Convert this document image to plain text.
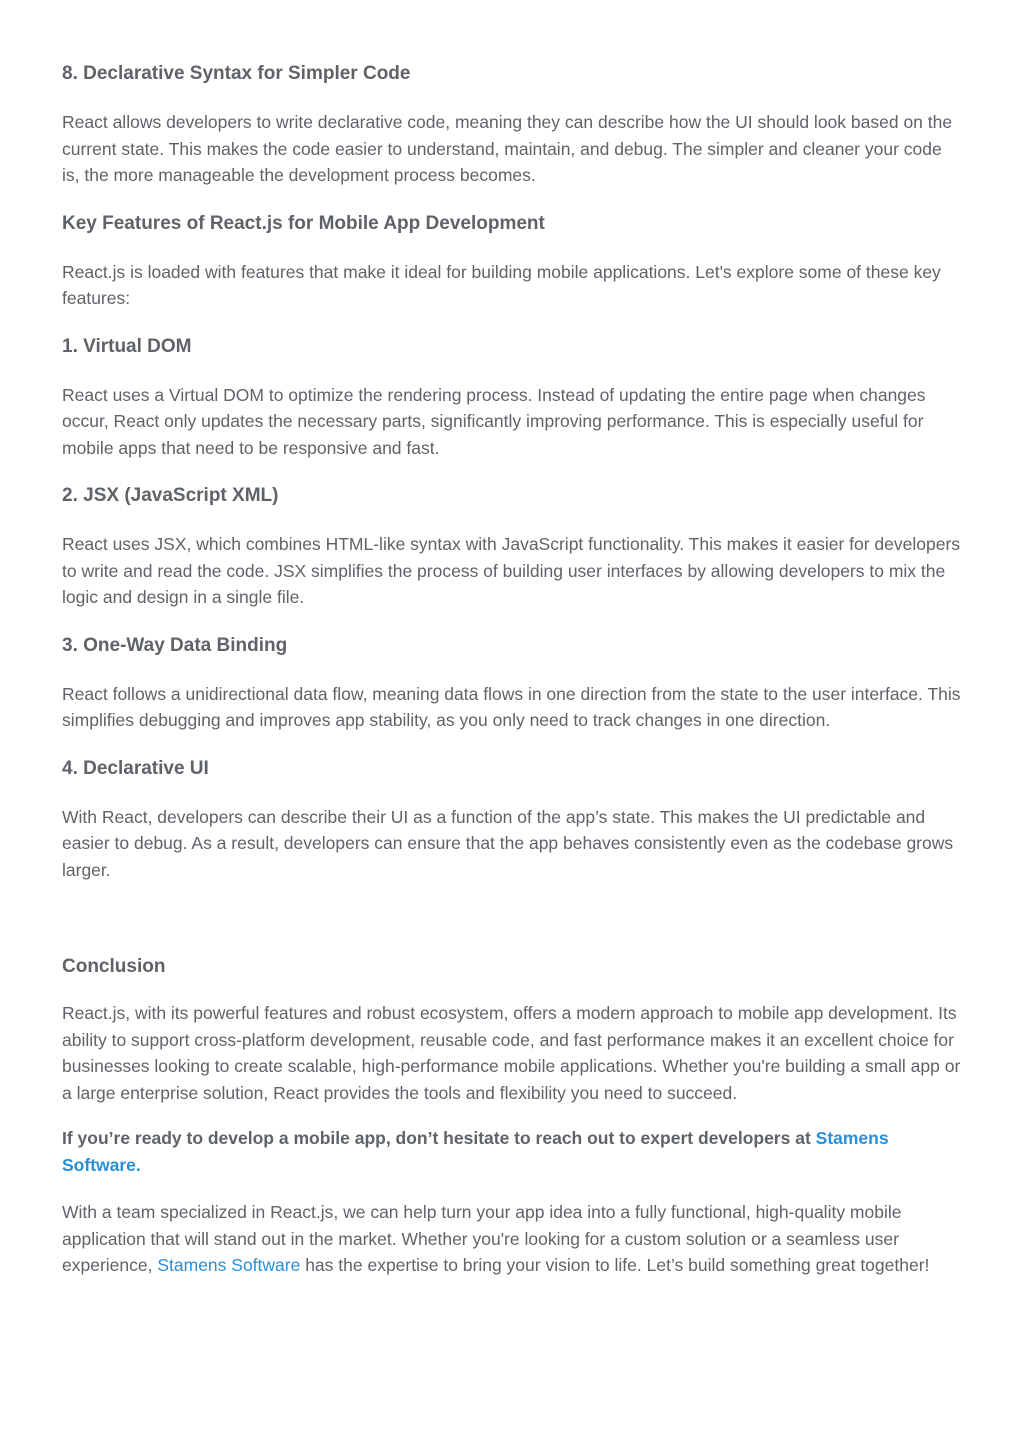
8. Declarative Syntax for Simpler Code

React allows developers to write declarative code, meaning they can describe how the UI should look based on the current state. This makes the code easier to understand, maintain, and debug. The simpler and cleaner your code is, the more manageable the development process becomes.

Key Features of React.js for Mobile App Development

React.js is loaded with features that make it ideal for building mobile applications. Let's explore some of these key features:

1. Virtual DOM

React uses a Virtual DOM to optimize the rendering process. Instead of updating the entire page when changes occur, React only updates the necessary parts, significantly improving performance. This is especially useful for mobile apps that need to be responsive and fast.

2. JSX (JavaScript XML)

React uses JSX, which combines HTML-like syntax with JavaScript functionality. This makes it easier for developers to write and read the code. JSX simplifies the process of building user interfaces by allowing developers to mix the logic and design in a single file.

3. One-Way Data Binding

React follows a unidirectional data flow, meaning data flows in one direction from the state to the user interface. This simplifies debugging and improves app stability, as you only need to track changes in one direction.

4. Declarative UI

With React, developers can describe their UI as a function of the app’s state. This makes the UI predictable and easier to debug. As a result, developers can ensure that the app behaves consistently even as the codebase grows larger.

Conclusion

React.js, with its powerful features and robust ecosystem, offers a modern approach to mobile app development. Its ability to support cross-platform development, reusable code, and fast performance makes it an excellent choice for businesses looking to create scalable, high-performance mobile applications. Whether you're building a small app or a large enterprise solution, React provides the tools and flexibility you need to succeed.

If you’re ready to develop a mobile app, don’t hesitate to reach out to expert developers at Stamens Software.

With a team specialized in React.js, we can help turn your app idea into a fully functional, high-quality mobile application that will stand out in the market. Whether you're looking for a custom solution or a seamless user experience, Stamens Software has the expertise to bring your vision to life. Let’s build something great together!
